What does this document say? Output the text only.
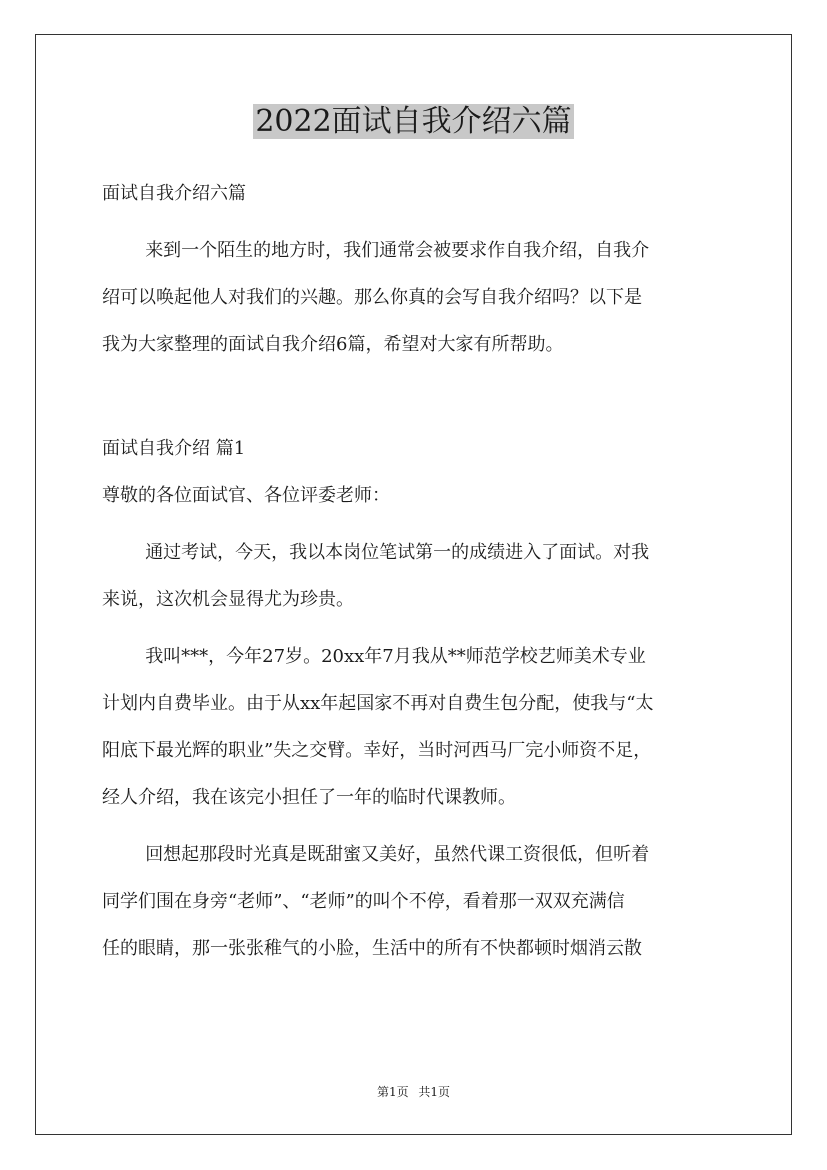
2022面试自我介绍六篇

面试自我介绍六篇

来到一个陌生的地方时，我们通常会被要求作自我介绍，自我介

绍可以唤起他人对我们的兴趣。那么你真的会写自我介绍吗？以下是

我为大家整理的面试自我介绍6篇，希望对大家有所帮助。

面试自我介绍 篇1

尊敬的各位面试官、各位评委老师：

通过考试，今天，我以本岗位笔试第一的成绩进入了面试。对我

来说，这次机会显得尤为珍贵。

我叫***，今年27岁。20xx年7月我从**师范学校艺师美术专业

计划内自费毕业。由于从xx年起国家不再对自费生包分配，使我与“太

阳底下最光辉的职业”失之交臂。幸好，当时河西马厂完小师资不足，

经人介绍，我在该完小担任了一年的临时代课教师。

回想起那段时光真是既甜蜜又美好，虽然代课工资很低，但听着

同学们围在身旁“老师”、“老师”的叫个不停，看着那一双双充满信

任的眼睛，那一张张稚气的小脸，生活中的所有不快都顿时烟消云散

第1页 共1页
